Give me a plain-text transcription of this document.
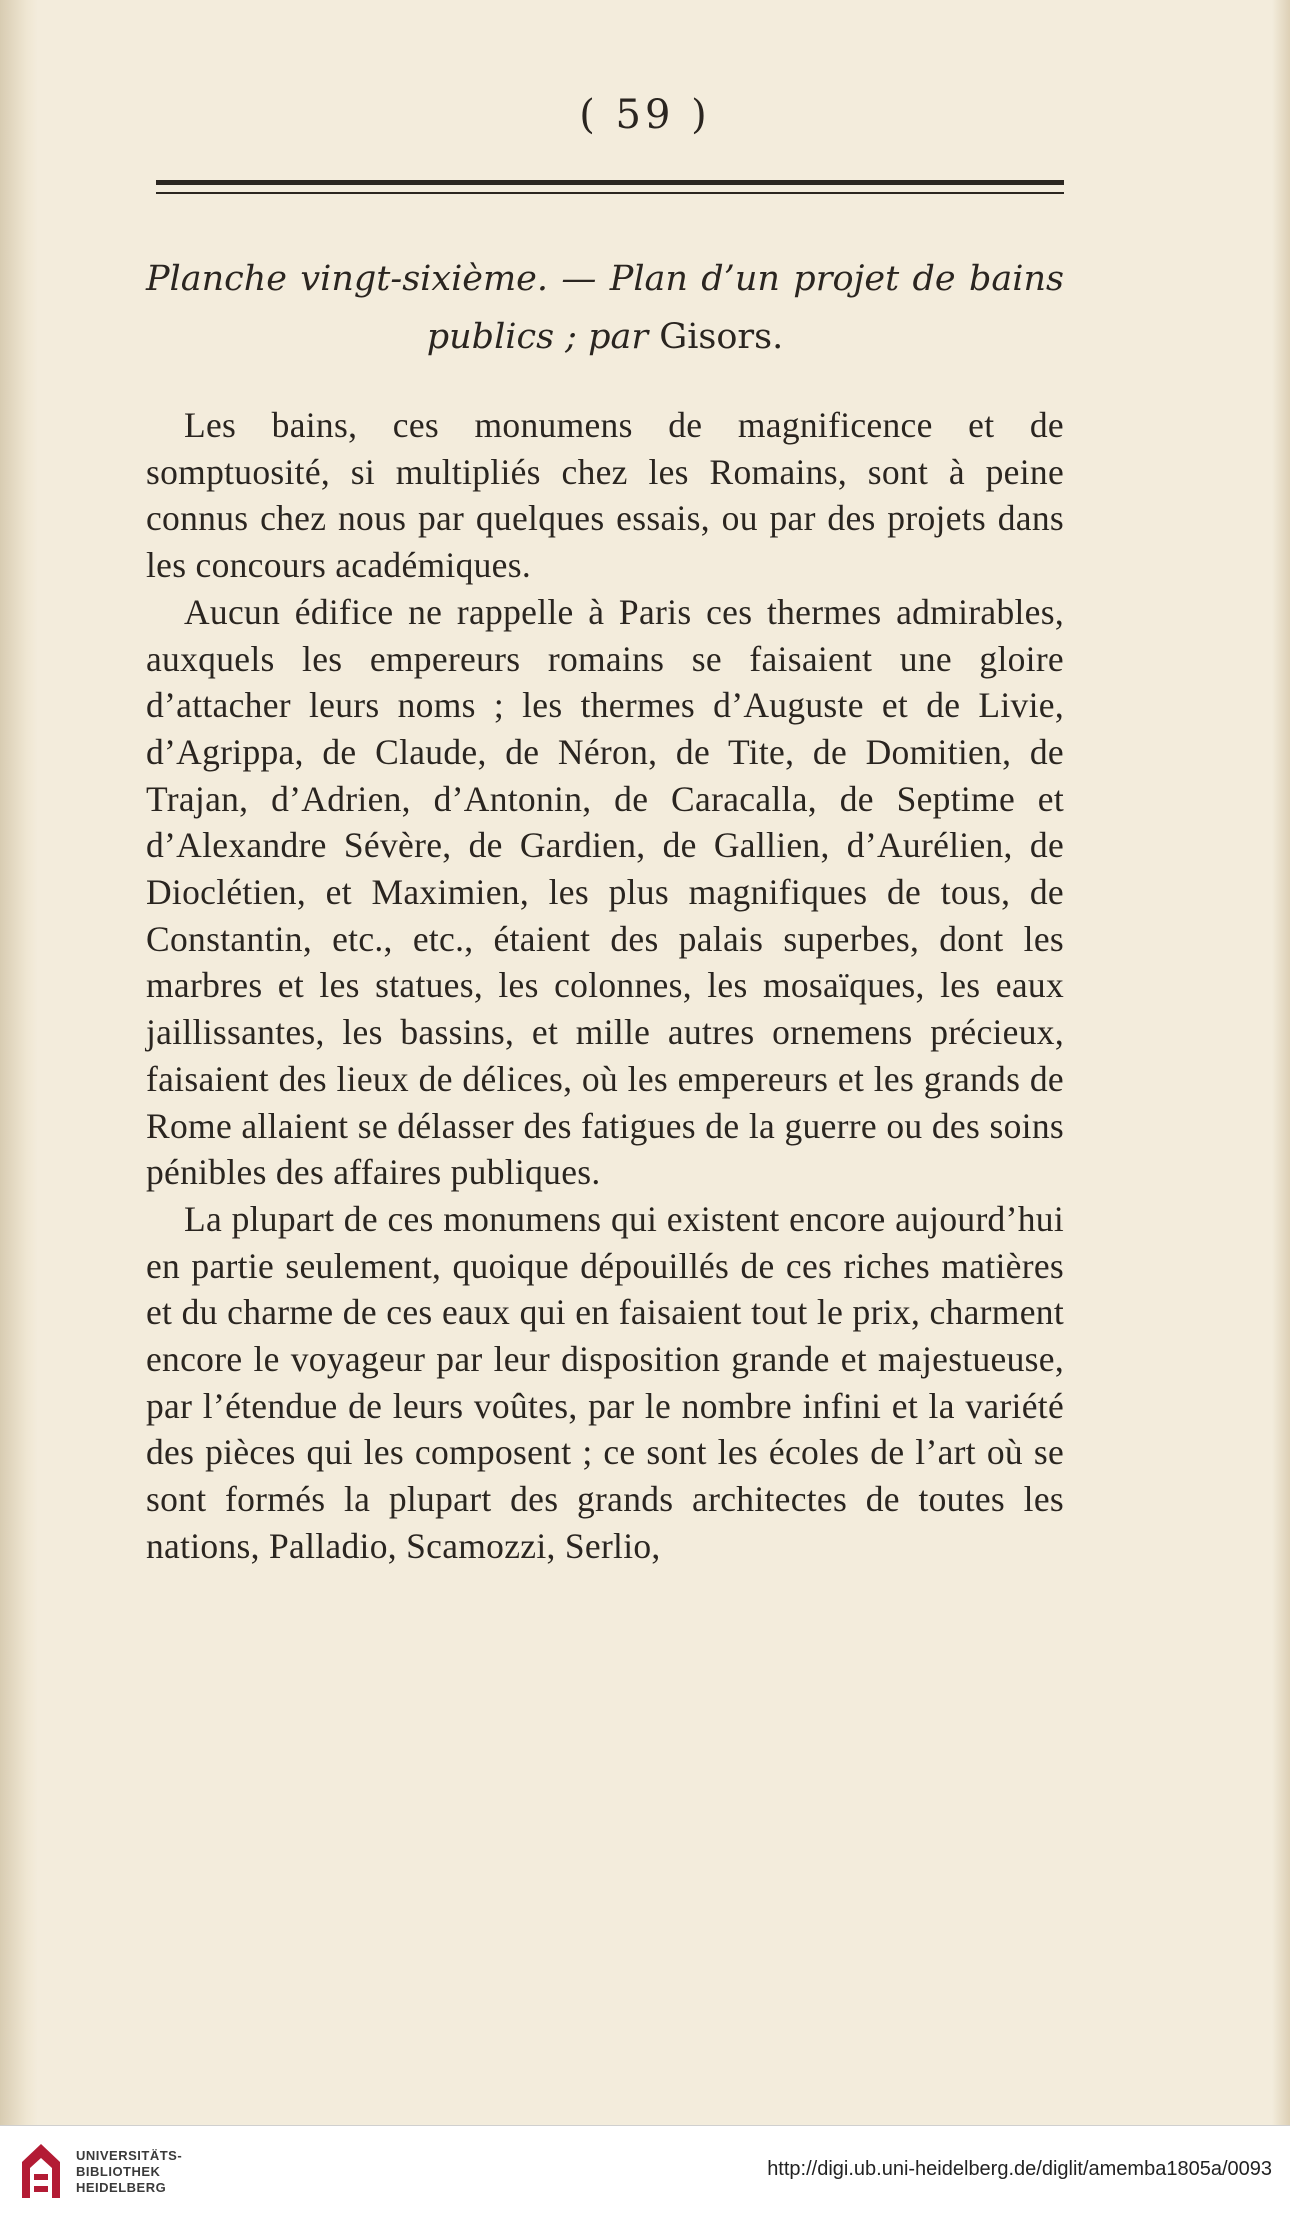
( 59 )
Planche vingt-sixième. — Plan d’un projet de bains publics ; par Gisors.

Les bains, ces monumens de magnificence et de somptuosité, si multipliés chez les Romains, sont à peine connus chez nous par quelques essais, ou par des projets dans les concours académiques.

Aucun édifice ne rappelle à Paris ces thermes admirables, auxquels les empereurs romains se faisaient une gloire d’attacher leurs noms ; les thermes d’Auguste et de Livie, d’Agrippa, de Claude, de Néron, de Tite, de Domitien, de Trajan, d’Adrien, d’Antonin, de Caracalla, de Septime et d’Alexandre Sévère, de Gardien, de Gallien, d’Aurélien, de Dioclétien, et Maximien, les plus magnifiques de tous, de Constantin, etc., etc., étaient des palais superbes, dont les marbres et les statues, les colonnes, les mosaïques, les eaux jaillissantes, les bassins, et mille autres ornemens précieux, faisaient des lieux de délices, où les empereurs et les grands de Rome allaient se délasser des fatigues de la guerre ou des soins pénibles des affaires publiques.

La plupart de ces monumens qui existent encore aujourd’hui en partie seulement, quoique dépouillés de ces riches matières et du charme de ces eaux qui en faisaient tout le prix, charment encore le voyageur par leur disposition grande et majestueuse, par l’étendue de leurs voûtes, par le nombre infini et la variété des pièces qui les composent ; ce sont les écoles de l’art où se sont formés la plupart des grands architectes de toutes les nations, Palladio, Scamozzi, Serlio,

UNIVERSITÄTS-
BIBLIOTHEK
HEIDELBERG
http://digi.ub.uni-heidelberg.de/diglit/amemba1805a/0093
